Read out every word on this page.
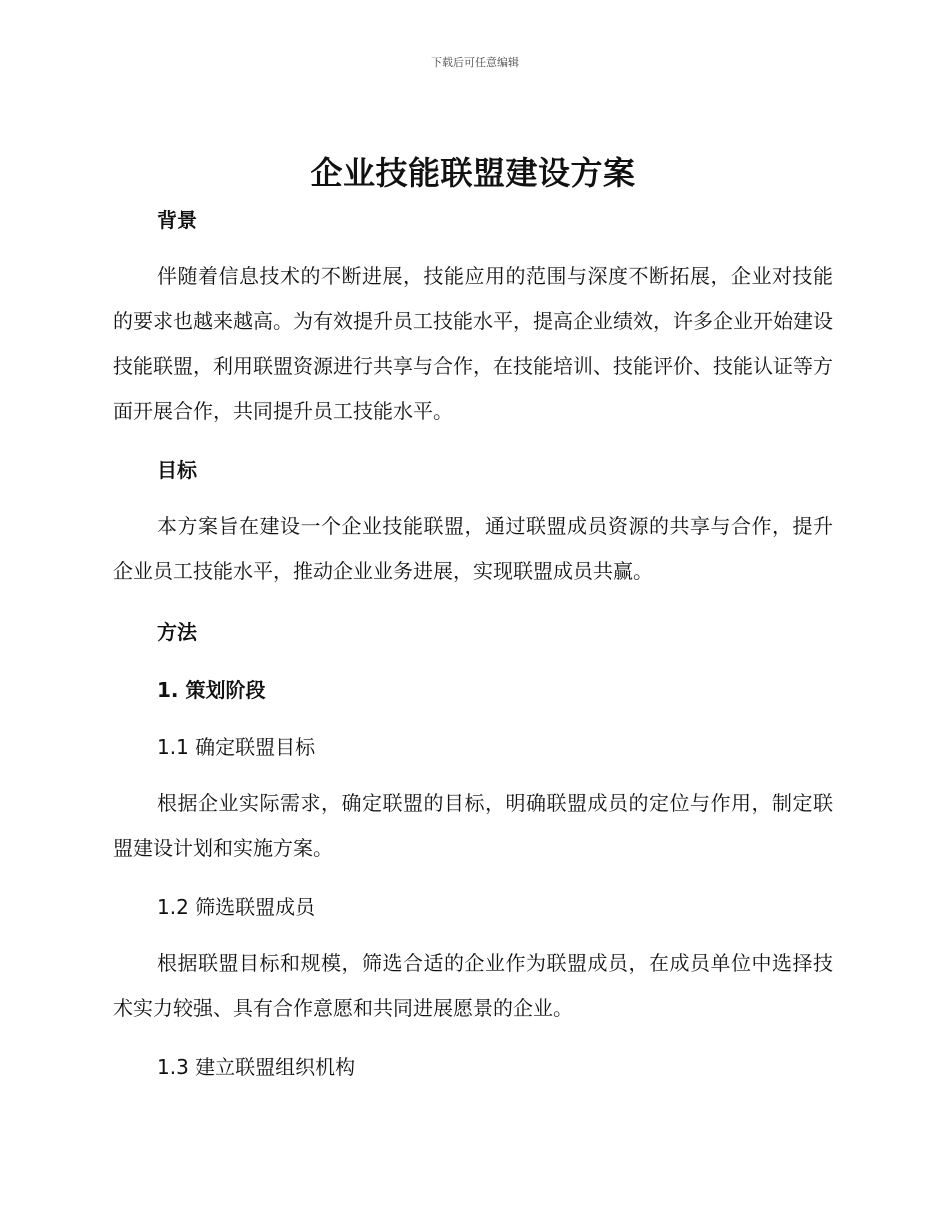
下载后可任意编辑
企业技能联盟建设方案
背景

伴随着信息技术的不断进展，技能应用的范围与深度不断拓展，企业对技能的要求也越来越高。为有效提升员工技能水平，提高企业绩效，许多企业开始建设技能联盟，利用联盟资源进行共享与合作，在技能培训、技能评价、技能认证等方面开展合作，共同提升员工技能水平。

目标

本方案旨在建设一个企业技能联盟，通过联盟成员资源的共享与合作，提升企业员工技能水平，推动企业业务进展，实现联盟成员共赢。

方法
1. 策划阶段
1.1 确定联盟目标

根据企业实际需求，确定联盟的目标，明确联盟成员的定位与作用，制定联盟建设计划和实施方案。

1.2 筛选联盟成员

根据联盟目标和规模，筛选合适的企业作为联盟成员，在成员单位中选择技术实力较强、具有合作意愿和共同进展愿景的企业。

1.3 建立联盟组织机构
